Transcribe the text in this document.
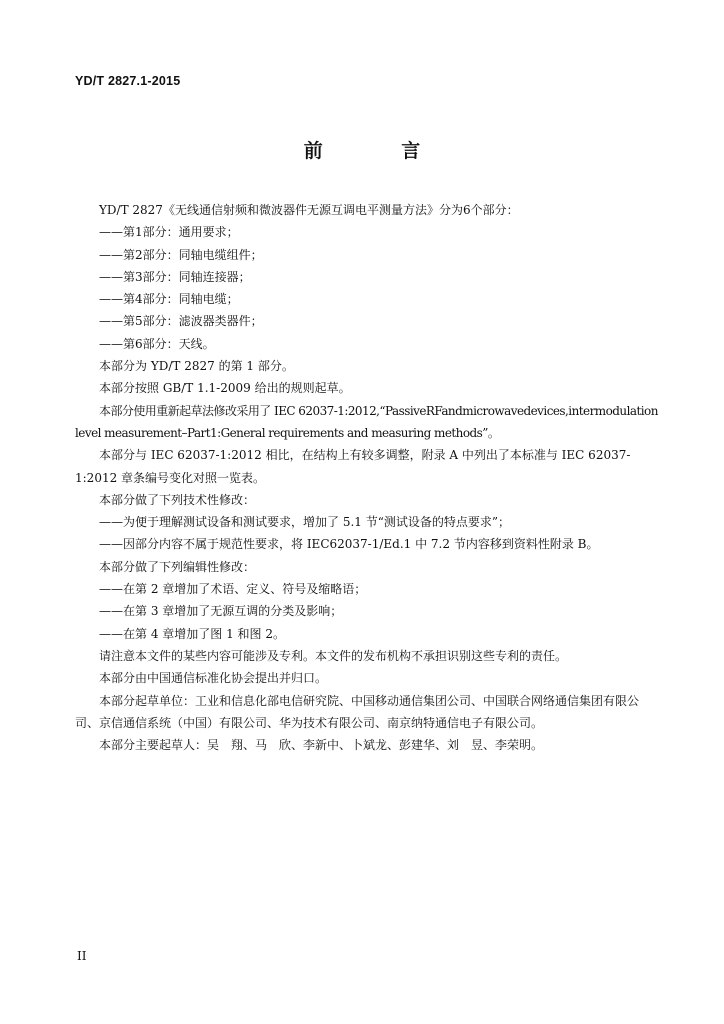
YD/T 2827.1-2015
前 言

YD/T 2827《无线通信射频和微波器件无源互调电平测量方法》分为6个部分：

——第1部分：通用要求；

——第2部分：同轴电缆组件；

——第3部分：同轴连接器；

——第4部分：同轴电缆；

——第5部分：滤波器类器件；

——第6部分：天线。

本部分为 YD/T 2827 的第 1 部分。

本部分按照 GB/T 1.1-2009 给出的规则起草。

本部分使用重新起草法修改采用了 IEC 62037-1:2012,“PassiveRFandmicrowavedevices,intermodulation level measurement–Part1:General requirements and measuring methods”。

本部分与 IEC 62037-1:2012 相比，在结构上有较多调整，附录 A 中列出了本标准与 IEC 62037-1:2012 章条编号变化对照一览表。

本部分做了下列技术性修改：

——为便于理解测试设备和测试要求，增加了 5.1 节“测试设备的特点要求”；

——因部分内容不属于规范性要求，将 IEC62037-1/Ed.1 中 7.2 节内容移到资料性附录 B。

本部分做了下列编辑性修改：

——在第 2 章增加了术语、定义、符号及缩略语；

——在第 3 章增加了无源互调的分类及影响；

——在第 4 章增加了图 1 和图 2。

请注意本文件的某些内容可能涉及专利。本文件的发布机构不承担识别这些专利的责任。

本部分由中国通信标准化协会提出并归口。

本部分起草单位：工业和信息化部电信研究院、中国移动通信集团公司、中国联合网络通信集团有限公司、京信通信系统（中国）有限公司、华为技术有限公司、南京纳特通信电子有限公司。

本部分主要起草人：吴　翔、马　欣、李新中、卜斌龙、彭建华、刘　昱、李荣明。

II
